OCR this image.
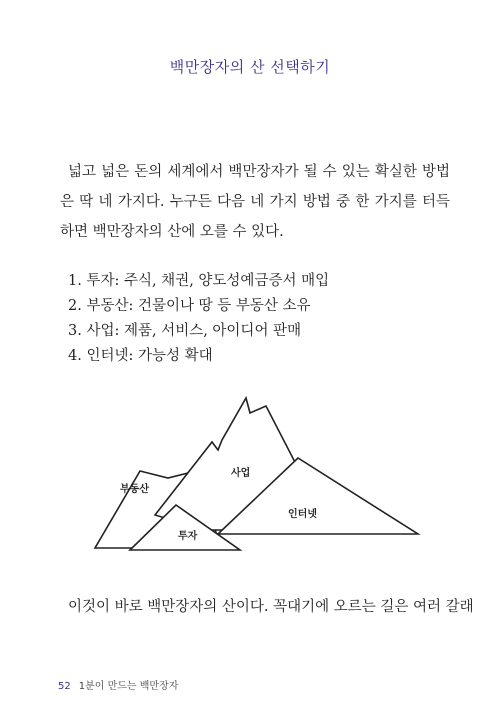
백만장자의 산 선택하기

넓고 넓은 돈의 세계에서 백만장자가 될 수 있는 확실한 방법은 딱 네 가지다. 누구든 다음 네 가지 방법 중 한 가지를 터득하면 백만장자의 산에 오를 수 있다.

1. 투자: 주식, 채권, 양도성예금증서 매입
2. 부동산: 건물이나 땅 등 부동산 소유
3. 사업: 제품, 서비스, 아이디어 판매
4. 인터넷: 가능성 확대
부동산
사업
인터넷
투자
이것이 바로 백만장자의 산이다. 꼭대기에 오르는 길은 여러 갈래
52 1분이 만드는 백만장자
